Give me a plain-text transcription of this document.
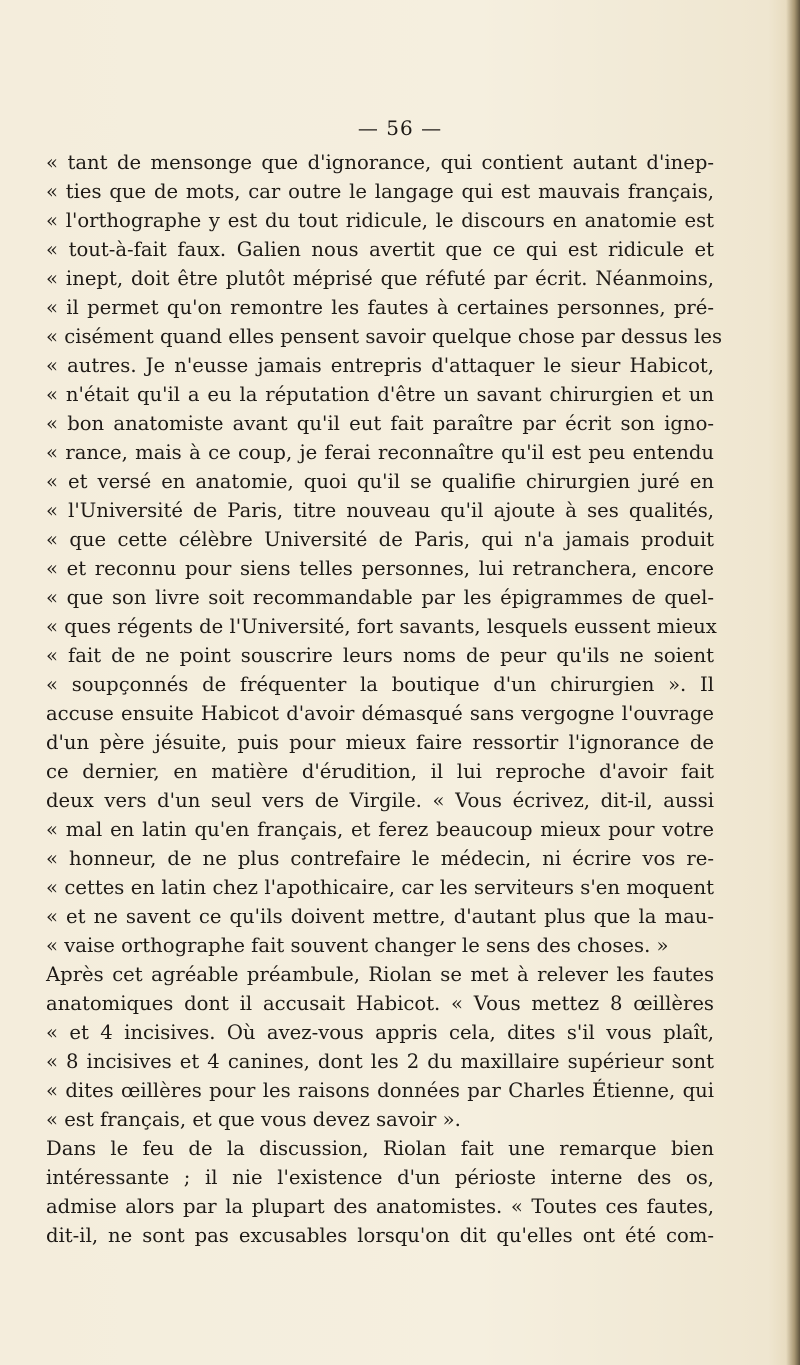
— 56 —
« tant de mensonge que d'ignorance, qui contient autant d'inep-
« ties que de mots, car outre le langage qui est mauvais français,
« l'orthographe y est du tout ridicule, le discours en anatomie est
« tout-à-fait faux. Galien nous avertit que ce qui est ridicule et
« inept, doit être plutôt méprisé que réfuté par écrit. Néanmoins,
« il permet qu'on remontre les fautes à certaines personnes, pré-
« cisément quand elles pensent savoir quelque chose par dessus les
« autres. Je n'eusse jamais entrepris d'attaquer le sieur Habicot,
« n'était qu'il a eu la réputation d'être un savant chirurgien et un
« bon anatomiste avant qu'il eut fait paraître par écrit son igno-
« rance, mais à ce coup, je ferai reconnaître qu'il est peu entendu
« et versé en anatomie, quoi qu'il se qualifie chirurgien juré en
« l'Université de Paris, titre nouveau qu'il ajoute à ses qualités,
« que cette célèbre Université de Paris, qui n'a jamais produit
« et reconnu pour siens telles personnes, lui retranchera, encore
« que son livre soit recommandable par les épigrammes de quel-
« ques régents de l'Université, fort savants, lesquels eussent mieux
« fait de ne point souscrire leurs noms de peur qu'ils ne soient
« soupçonnés de fréquenter la boutique d'un chirurgien ». Il
accuse ensuite Habicot d'avoir démasqué sans vergogne l'ouvrage
d'un père jésuite, puis pour mieux faire ressortir l'ignorance de
ce dernier, en matière d'érudition, il lui reproche d'avoir fait
deux vers d'un seul vers de Virgile. « Vous écrivez, dit-il, aussi
« mal en latin qu'en français, et ferez beaucoup mieux pour votre
« honneur, de ne plus contrefaire le médecin, ni écrire vos re-
« cettes en latin chez l'apothicaire, car les serviteurs s'en moquent
« et ne savent ce qu'ils doivent mettre, d'autant plus que la mau-
« vaise orthographe fait souvent changer le sens des choses. »
Après cet agréable préambule, Riolan se met à relever les fautes
anatomiques dont il accusait Habicot. « Vous mettez 8 œillères
« et 4 incisives. Où avez-vous appris cela, dites s'il vous plaît,
« 8 incisives et 4 canines, dont les 2 du maxillaire supérieur sont
« dites œillères pour les raisons données par Charles Étienne, qui
« est français, et que vous devez savoir ».
Dans le feu de la discussion, Riolan fait une remarque bien
intéressante ; il nie l'existence d'un périoste interne des os,
admise alors par la plupart des anatomistes. « Toutes ces fautes,
dit-il, ne sont pas excusables lorsqu'on dit qu'elles ont été com-
